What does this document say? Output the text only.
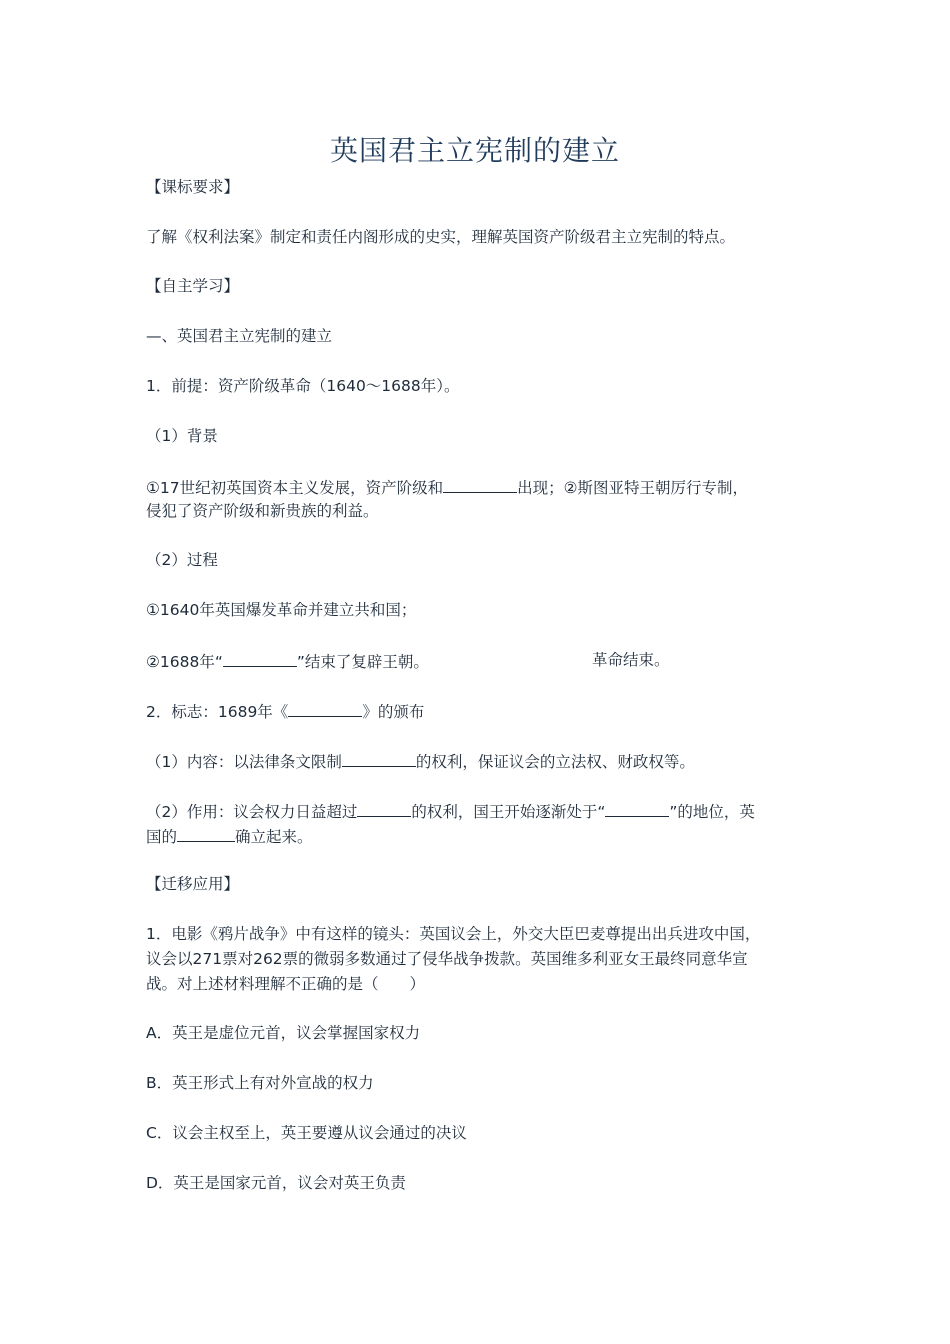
英国君主立宪制的建立
【课标要求】
了解《权利法案》制定和责任内阁形成的史实，理解英国资产阶级君主立宪制的特点。
【自主学习】
—、英国君主立宪制的建立
1．前提：资产阶级革命（1640～1688年）。
（1）背景
①17世纪初英国资本主义发展，资产阶级和	出现；②斯图亚特王朝厉行专制，
侵犯了资产阶级和新贵族的利益。
（2）过程
①1640年英国爆发革命并建立共和国；
②1688年“	”结束了复辟王朝。	革命结束。
2．标志：1689年《	》的颁布
（1）内容：以法律条文限制	的权利，保证议会的立法权、财政权等。
（2）作用：议会权力日益超过	的权利，国王开始逐渐处于“	”的地位，英
国的	确立起来。
【迁移应用】
1．电影《鸦片战争》中有这样的镜头：英国议会上，外交大臣巴麦尊提出出兵进攻中国，
议会以271票对262票的微弱多数通过了侵华战争拨款。英国维多利亚女王最终同意华宣
战。对上述材料理解不正确的是（　　）
A．英王是虚位元首，议会掌握国家权力
B．英王形式上有对外宣战的权力
C．议会主权至上，英王要遵从议会通过的决议
D．英王是国家元首，议会对英王负责
